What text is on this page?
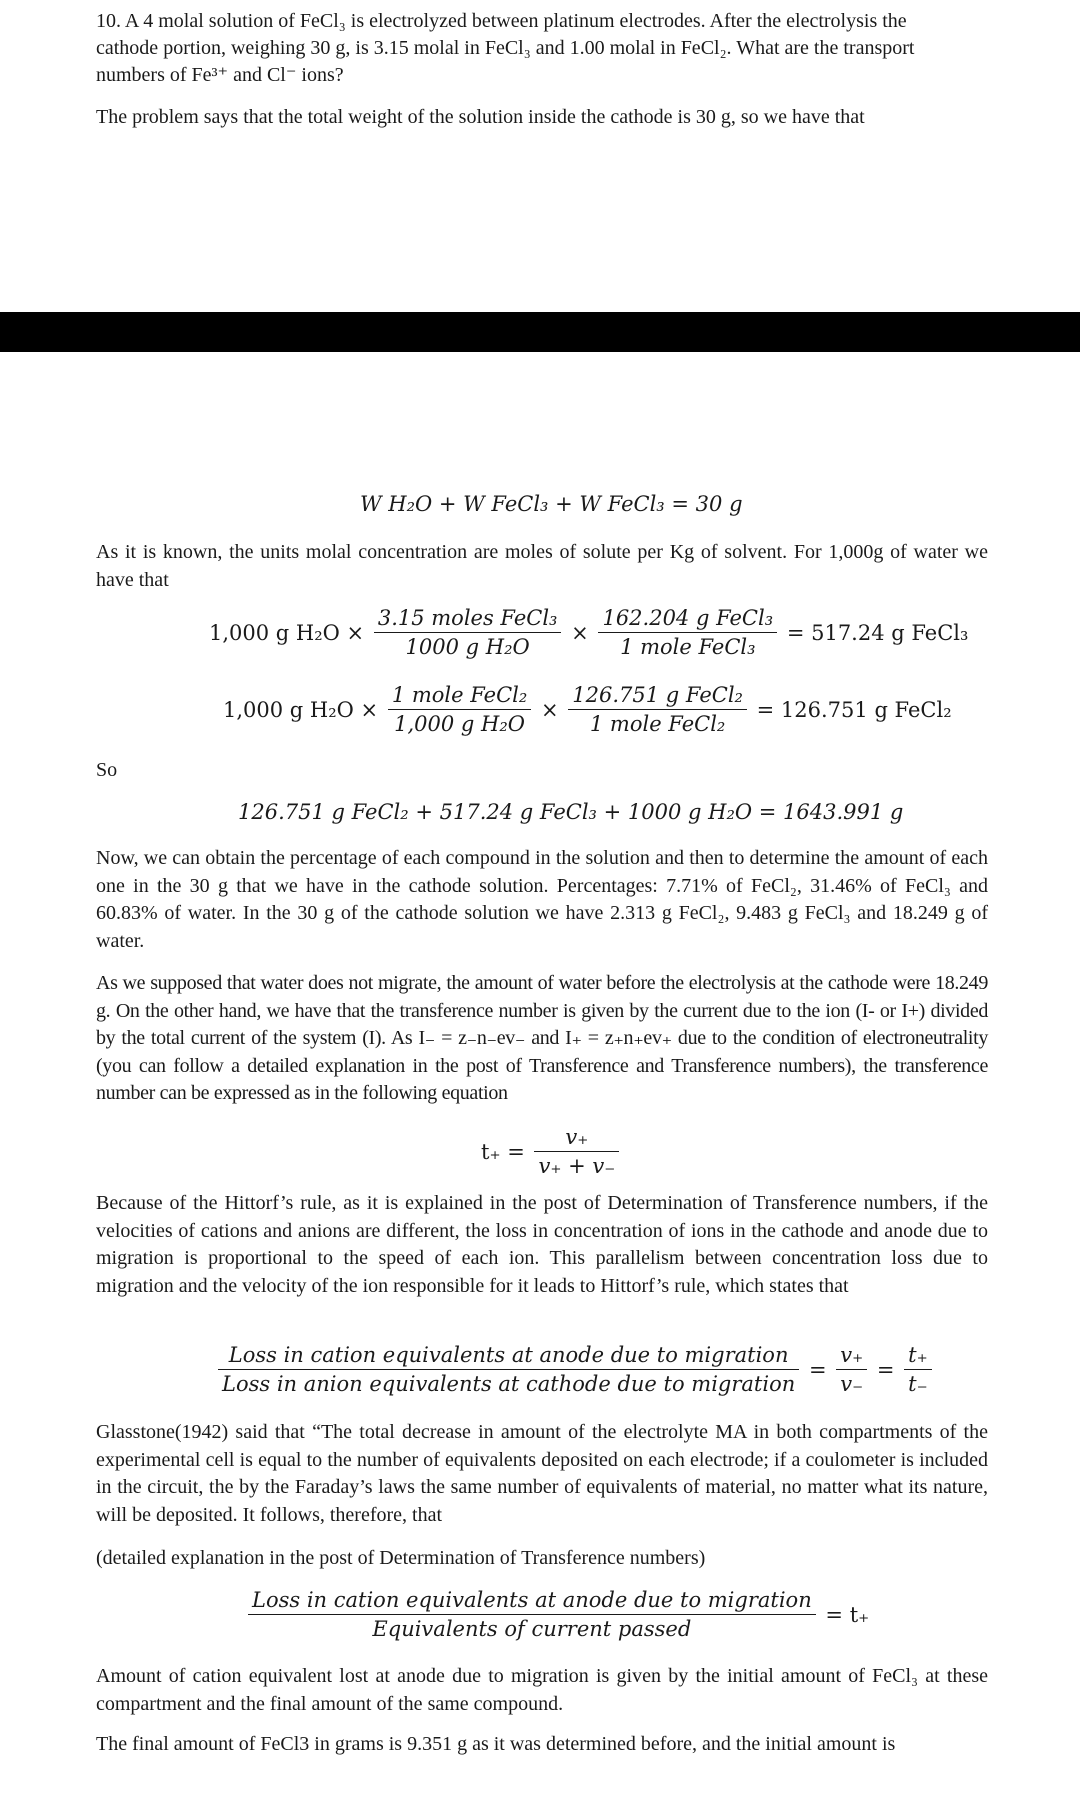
10. A 4 molal solution of FeCl₃ is electrolyzed between platinum electrodes. After the electrolysis the

cathode portion, weighing 30 g, is 3.15 molal in FeCl₃ and 1.00 molal in FeCl₂. What are the transport

numbers of Fe³⁺ and Cl⁻ ions?

The problem says that the total weight of the solution inside the cathode is 30 g, so we have that

W H₂O + W FeCl₃ + W FeCl₃ = 30 g

As it is known, the units molal concentration are moles of solute per Kg of solvent. For 1,000g of water we have that

1,000 g $H_2O \times \frac{\text{3.15 moles FeCl₃}}{\text{1000 g H₂O}} \times \frac{\text{162.204 g FeCl₃}}{\text{1 mole FeCl₃}} = 517.24$ g FeCl₃
1,000 g $H_2O \times \frac{\text{1 mole FeCl₂}}{\text{1,000 g H₂O}} \times \frac{\text{126.751 g FeCl₂}}{\text{1 mole FeCl₂}} = 126.751$ g FeCl₂

So

126.751 g FeCl₂ + 517.24 g FeCl₃ + 1000 g H₂O = 1643.991 g

Now, we can obtain the percentage of each compound in the solution and then to determine the amount of each one in the 30 g that we have in the cathode solution. Percentages: 7.71% of FeCl₂, 31.46% of FeCl₃ and 60.83% of water. In the 30 g of the cathode solution we have 2.313 g FeCl₂, 9.483 g FeCl₃ and 18.249 g of water.

As we supposed that water does not migrate, the amount of water before the electrolysis at the cathode were 18.249 g. On the other hand, we have that the transference number is given by the current due to the ion (I- or I+) divided by the total current of the system (I). As I₋ = z₋n₋ev₋ and I₊ = z₊n₊ev₊ due to the condition of electroneutrality (you can follow a detailed explanation in the post of Transference and Transference numbers), the transference number can be expressed as in the following equation

$t_+ = \frac{v_+}{v_+ + v_-}$

Because of the Hittorf’s rule, as it is explained in the post of Determination of Transference numbers, if the velocities of cations and anions are different, the loss in concentration of ions in the cathode and anode due to migration is proportional to the speed of each ion. This parallelism between concentration loss due to migration and the velocity of the ion responsible for it leads to Hittorf’s rule, which states that

$\frac{\text{Loss in cation equivalents at anode due to migration}}{\text{Loss in anion equivalents at cathode due to migration}} = \frac{v_+}{v_-} = \frac{t_+}{t_-}$

Glasstone(1942) said that “The total decrease in amount of the electrolyte MA in both compartments of the experimental cell is equal to the number of equivalents deposited on each electrode; if a coulometer is included in the circuit, the by the Faraday’s laws the same number of equivalents of material, no matter what its nature, will be deposited. It follows, therefore, that

(detailed explanation in the post of Determination of Transference numbers)

$\frac{\text{Loss in cation equivalents at anode due to migration}}{\text{Equivalents of current passed}} = t_+$

Amount of cation equivalent lost at anode due to migration is given by the initial amount of FeCl₃ at these compartment and the final amount of the same compound.

The final amount of FeCl3 in grams is 9.351 g as it was determined before, and the initial amount is
